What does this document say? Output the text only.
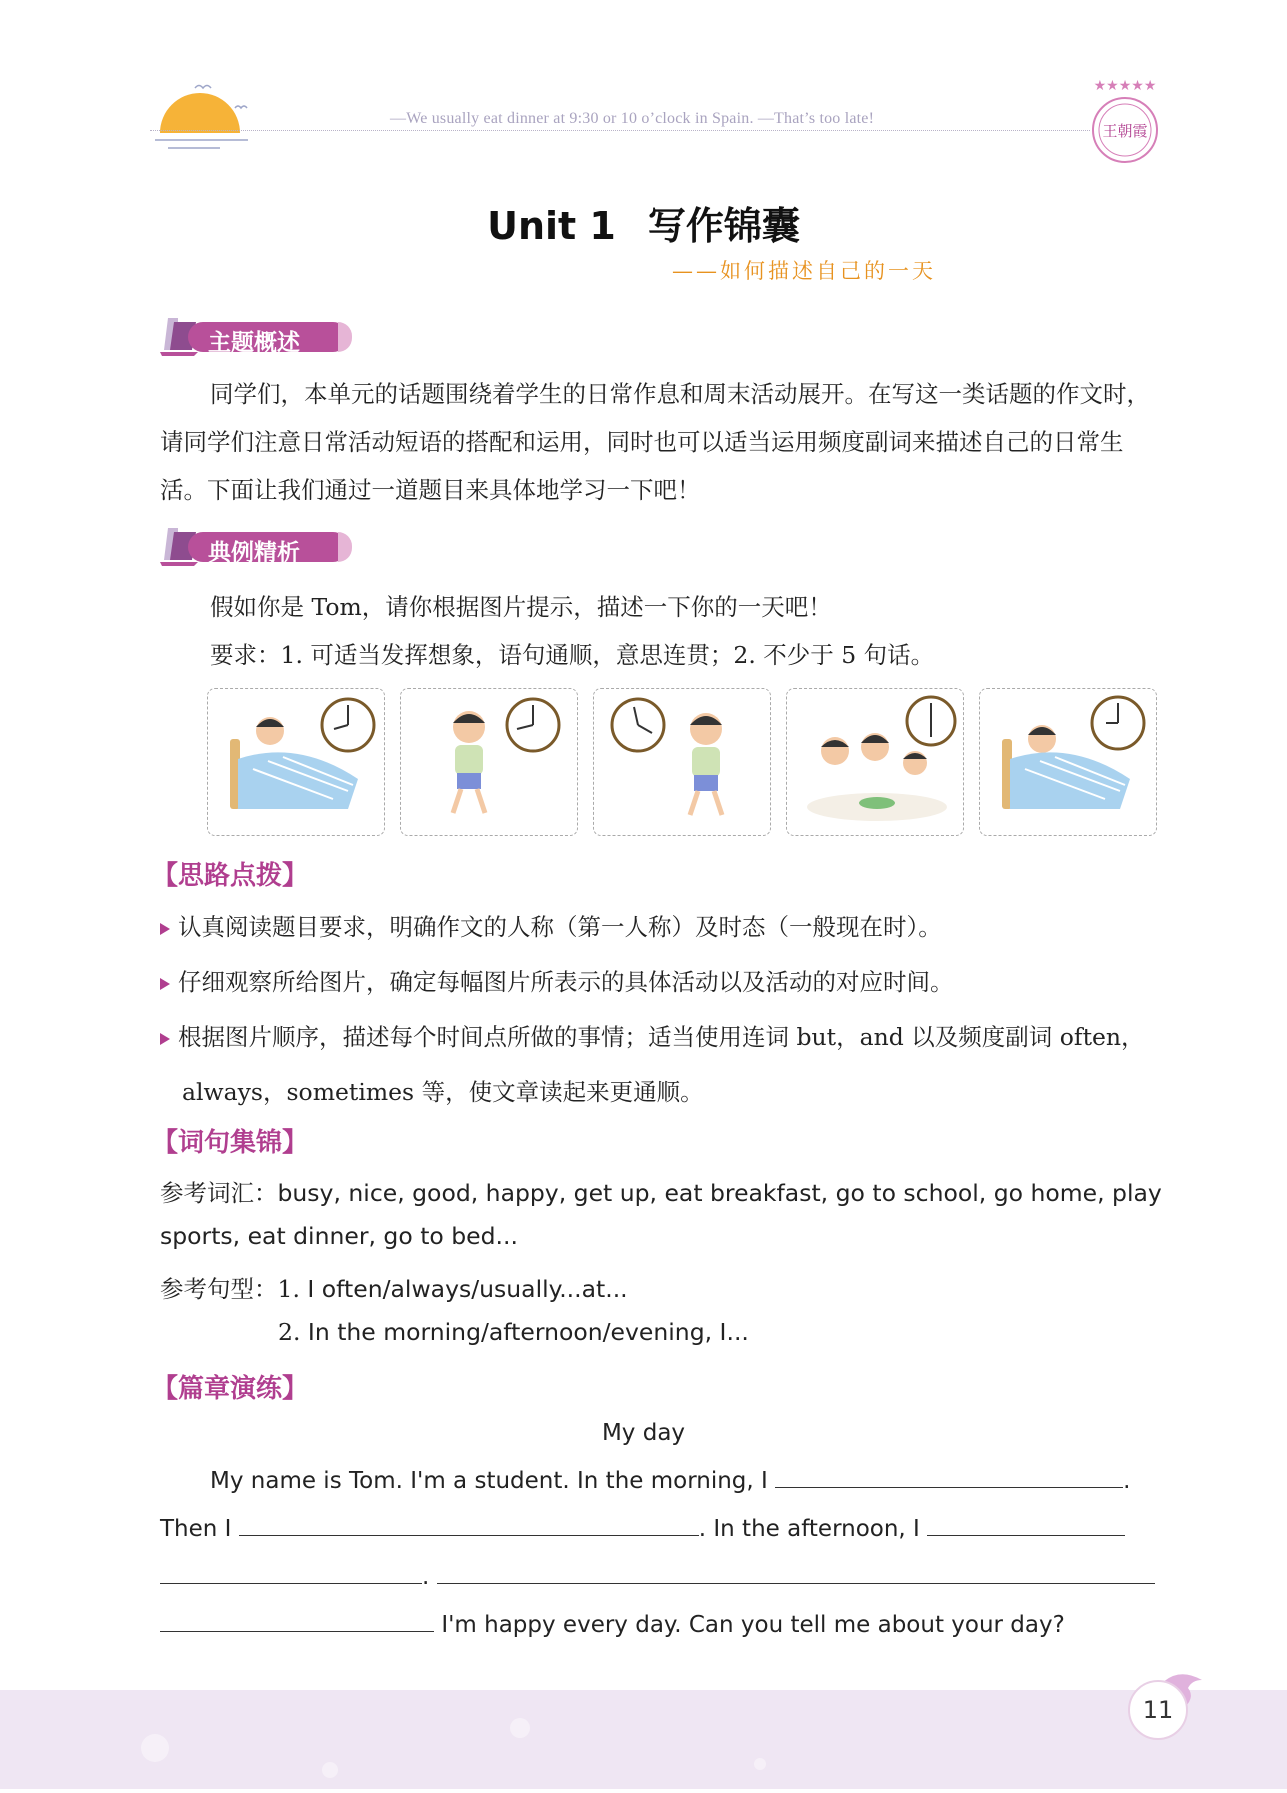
—We usually eat dinner at 9:30 or 10 o’clock in Spain. —That’s too late!
★★★★★
王朝霞
Unit 1 写作锦囊
——如何描述自己的一天
主题概述
同学们，本单元的话题围绕着学生的日常作息和周末活动展开。在写这一类话题的作文时，请同学们注意日常活动短语的搭配和运用，同时也可以适当运用频度副词来描述自己的日常生活。下面让我们通过一道题目来具体地学习一下吧！
典例精析
假如你是 Tom，请你根据图片提示，描述一下你的一天吧！
要求：1. 可适当发挥想象，语句通顺，意思连贯；2. 不少于 5 句话。
【思路点拨】
认真阅读题目要求，明确作文的人称（第一人称）及时态（一般现在时）。
仔细观察所给图片，确定每幅图片所表示的具体活动以及活动的对应时间。
根据图片顺序，描述每个时间点所做的事情；适当使用连词 but，and 以及频度副词 often，
always，sometimes 等，使文章读起来更通顺。
【词句集锦】
参考词汇：busy, nice, good, happy, get up, eat breakfast, go to school, go home, play
sports, eat dinner, go to bed...
参考句型：1. I often/always/usually...at...
2. In the morning/afternoon/evening, I...
【篇章演练】
My day
My name is Tom. I'm a student. In the morning, I	.
Then I	. In the afternoon, I
.
I'm happy every day. Can you tell me about your day?
11
